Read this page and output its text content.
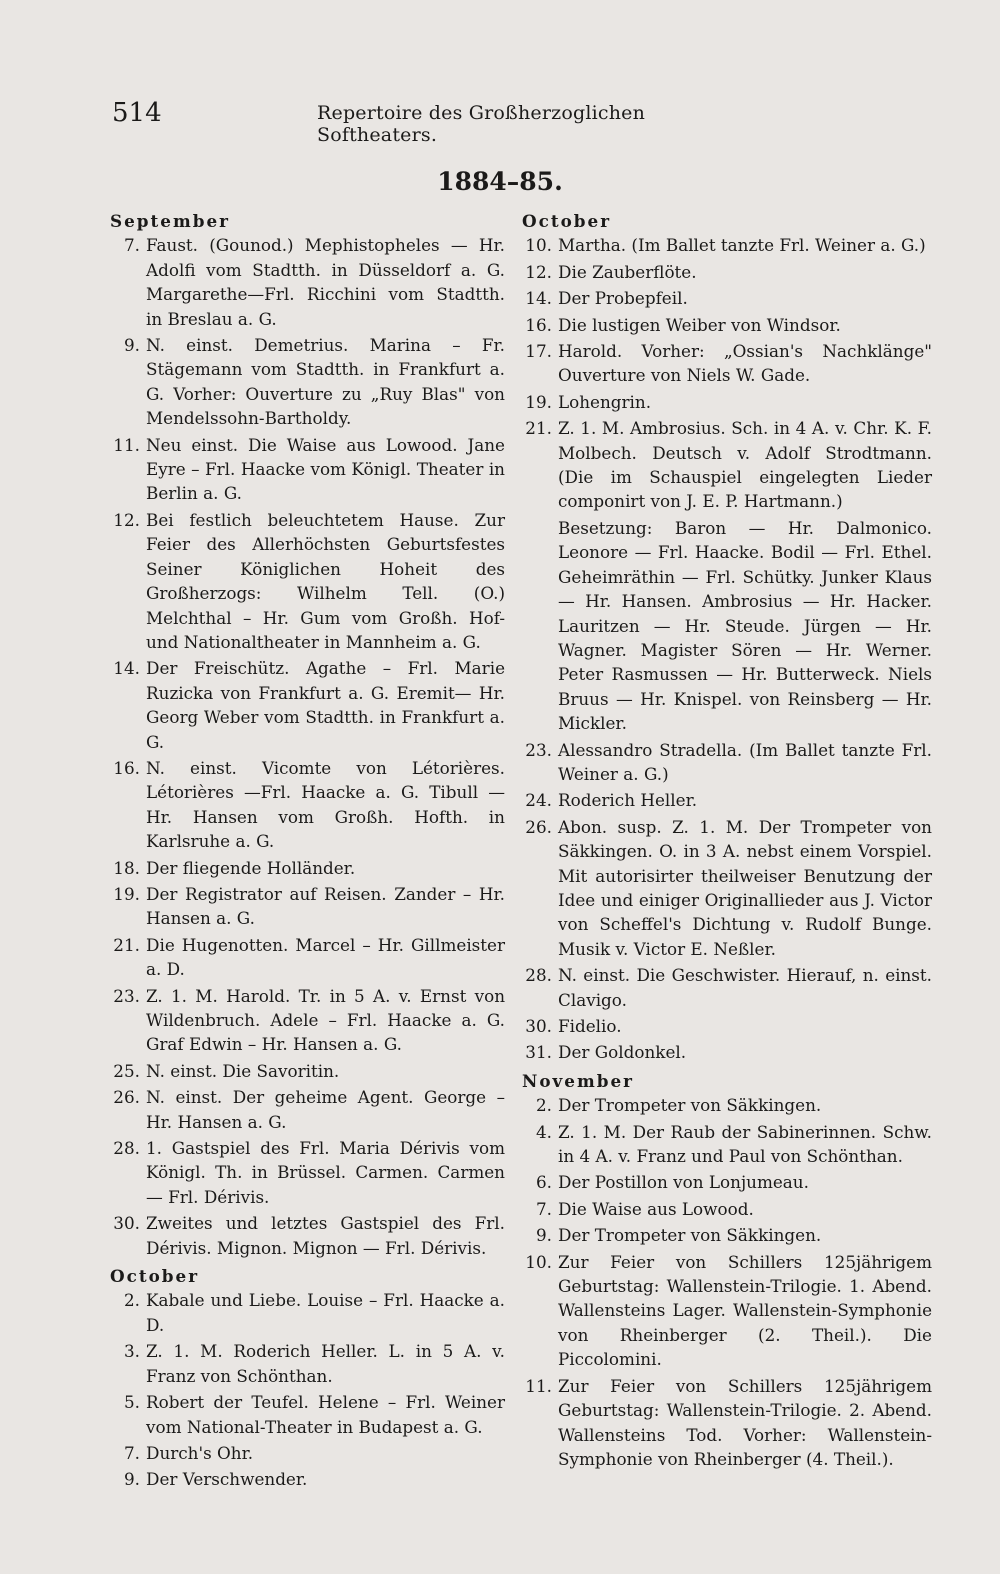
514	Repertoire des Großherzoglichen Softheaters.
1884–85.
September
7. Faust. (Gounod.) Mephistopheles — Hr. Adolfi vom Stadtth. in Düsseldorf a. G. Margarethe—Frl. Ricchini vom Stadtth. in Breslau a. G.
9. N. einst. Demetrius. Marina – Fr. Stägemann vom Stadtth. in Frankfurt a. G. Vorher: Ouverture zu „Ruy Blas" von Mendelssohn-Bartholdy.
11. Neu einst. Die Waise aus Lowood. Jane Eyre – Frl. Haacke vom Königl. Theater in Berlin a. G.
12. Bei festlich beleuchtetem Hause. Zur Feier des Allerhöchsten Geburtsfestes Seiner Königlichen Hoheit des Großherzogs: Wilhelm Tell. (O.) Melchthal – Hr. Gum vom Großh. Hof- und Nationaltheater in Mannheim a. G.
14. Der Freischütz. Agathe – Frl. Marie Ruzicka von Frankfurt a. G. Eremit— Hr. Georg Weber vom Stadtth. in Frankfurt a. G.
16. N. einst. Vicomte von Létorières. Létorières —Frl. Haacke a. G. Tibull — Hr. Hansen vom Großh. Hofth. in Karlsruhe a. G.
18. Der fliegende Holländer.
19. Der Registrator auf Reisen. Zander – Hr. Hansen a. G.
21. Die Hugenotten. Marcel – Hr. Gillmeister a. D.
23. Z. 1. M. Harold. Tr. in 5 A. v. Ernst von Wildenbruch. Adele – Frl. Haacke a. G. Graf Edwin – Hr. Hansen a. G.
25. N. einst. Die Savoritin.
26. N. einst. Der geheime Agent. George – Hr. Hansen a. G.
28. 1. Gastspiel des Frl. Maria Dérivis vom Königl. Th. in Brüssel. Carmen. Carmen — Frl. Dérivis.
30. Zweites und letztes Gastspiel des Frl. Dérivis. Mignon. Mignon — Frl. Dérivis.
October
2. Kabale und Liebe. Louise – Frl. Haacke a. D.
3. Z. 1. M. Roderich Heller. L. in 5 A. v. Franz von Schönthan.
5. Robert der Teufel. Helene – Frl. Weiner vom National-Theater in Budapest a. G.
7. Durch's Ohr.
9. Der Verschwender.
October
10. Martha. (Im Ballet tanzte Frl. Weiner a. G.)
12. Die Zauberflöte.
14. Der Probepfeil.
16. Die lustigen Weiber von Windsor.
17. Harold. Vorher: „Ossian's Nachklänge" Ouverture von Niels W. Gade.
19. Lohengrin.
21. Z. 1. M. Ambrosius. Sch. in 4 A. v. Chr. K. F. Molbech. Deutsch v. Adolf Strodtmann. (Die im Schauspiel eingelegten Lieder componirt von J. E. P. Hartmann.)
Besetzung: Baron — Hr. Dalmonico. Leonore — Frl. Haacke. Bodil — Frl. Ethel. Geheimräthin — Frl. Schütky. Junker Klaus — Hr. Hansen. Ambrosius — Hr. Hacker. Lauritzen — Hr. Steude. Jürgen — Hr. Wagner. Magister Sören — Hr. Werner. Peter Rasmussen — Hr. Butterweck. Niels Bruus — Hr. Knispel. von Reinsberg — Hr. Mickler.
23. Alessandro Stradella. (Im Ballet tanzte Frl. Weiner a. G.)
24. Roderich Heller.
26. Abon. susp. Z. 1. M. Der Trompeter von Säkkingen. O. in 3 A. nebst einem Vorspiel. Mit autorisirter theilweiser Benutzung der Idee und einiger Originallieder aus J. Victor von Scheffel's Dichtung v. Rudolf Bunge. Musik v. Victor E. Neßler.
28. N. einst. Die Geschwister. Hierauf, n. einst. Clavigo.
30. Fidelio.
31. Der Goldonkel.
November
2. Der Trompeter von Säkkingen.
4. Z. 1. M. Der Raub der Sabinerinnen. Schw. in 4 A. v. Franz und Paul von Schönthan.
6. Der Postillon von Lonjumeau.
7. Die Waise aus Lowood.
9. Der Trompeter von Säkkingen.
10. Zur Feier von Schillers 125jährigem Geburtstag: Wallenstein-Trilogie. 1. Abend. Wallensteins Lager. Wallenstein-Symphonie von Rheinberger (2. Theil.). Die Piccolomini.
11. Zur Feier von Schillers 125jährigem Geburtstag: Wallenstein-Trilogie. 2. Abend. Wallensteins Tod. Vorher: Wallenstein-Symphonie von Rheinberger (4. Theil.).
